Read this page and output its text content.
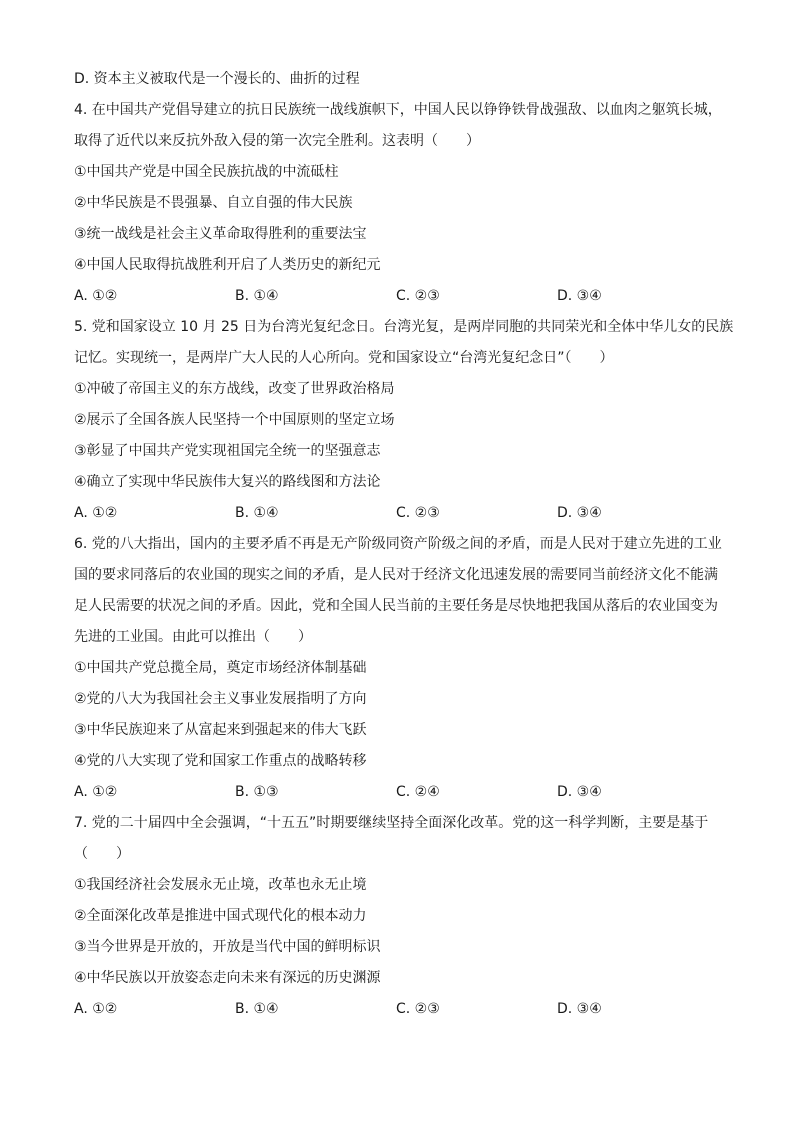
D. 资本主义被取代是一个漫长的、曲折的过程
4. 在中国共产党倡导建立的抗日民族统一战线旗帜下，中国人民以铮铮铁骨战强敌、以血肉之躯筑长城，
取得了近代以来反抗外敌入侵的第一次完全胜利。这表明（　　）
①中国共产党是中国全民族抗战的中流砥柱
②中华民族是不畏强暴、自立自强的伟大民族
③统一战线是社会主义革命取得胜利的重要法宝
④中国人民取得抗战胜利开启了人类历史的新纪元
A. ①②	B. ①④	C. ②③	D. ③④
5. 党和国家设立 10 月 25 日为台湾光复纪念日。台湾光复，是两岸同胞的共同荣光和全体中华儿女的民族
记忆。实现统一，是两岸广大人民的人心所向。党和国家设立“台湾光复纪念日”（　　）
①冲破了帝国主义的东方战线，改变了世界政治格局
②展示了全国各族人民坚持一个中国原则的坚定立场
③彰显了中国共产党实现祖国完全统一的坚强意志
④确立了实现中华民族伟大复兴的路线图和方法论
A. ①②	B. ①④	C. ②③	D. ③④
6. 党的八大指出，国内的主要矛盾不再是无产阶级同资产阶级之间的矛盾，而是人民对于建立先进的工业
国的要求同落后的农业国的现实之间的矛盾，是人民对于经济文化迅速发展的需要同当前经济文化不能满
足人民需要的状况之间的矛盾。因此，党和全国人民当前的主要任务是尽快地把我国从落后的农业国变为
先进的工业国。由此可以推出（　　）
①中国共产党总揽全局，奠定市场经济体制基础
②党的八大为我国社会主义事业发展指明了方向
③中华民族迎来了从富起来到强起来的伟大飞跃
④党的八大实现了党和国家工作重点的战略转移
A. ①②	B. ①③	C. ②④	D. ③④
7. 党的二十届四中全会强调，“十五五”时期要继续坚持全面深化改革。党的这一科学判断，主要是基于
（　　）
①我国经济社会发展永无止境，改革也永无止境
②全面深化改革是推进中国式现代化的根本动力
③当今世界是开放的，开放是当代中国的鲜明标识
④中华民族以开放姿态走向未来有深远的历史渊源
A. ①②	B. ①④	C. ②③	D. ③④
